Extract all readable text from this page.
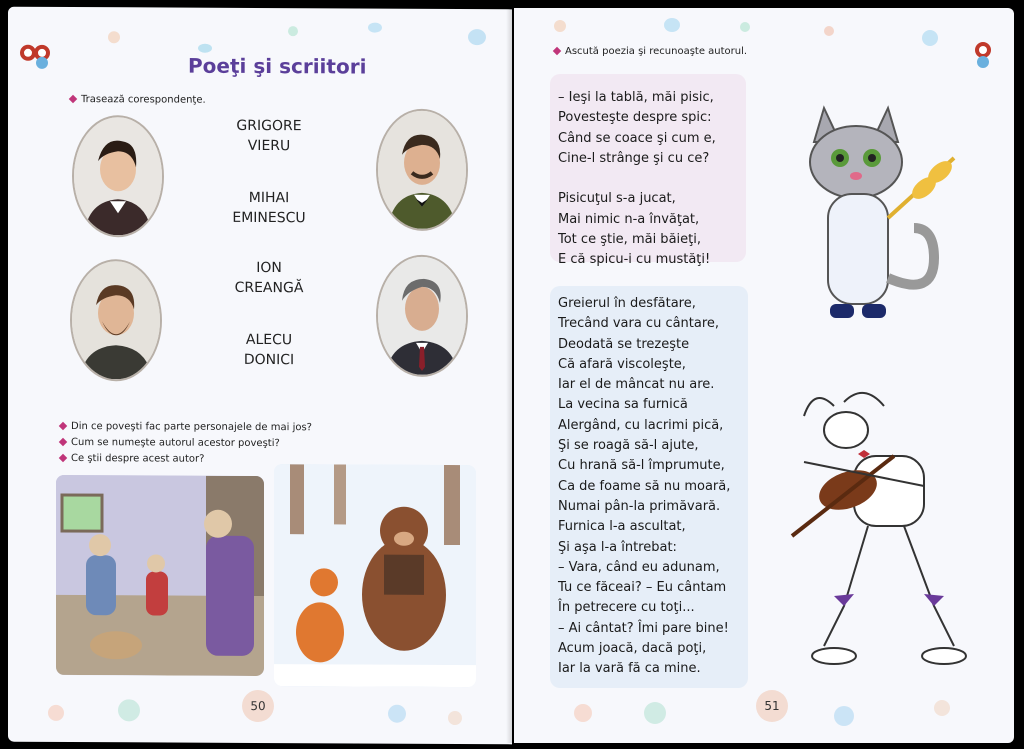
Poeţi şi scriitori
Trasează corespondenţe.
GRIGORE
VIERU
MIHAI
EMINESCU
ION
CREANGĂ
ALECU
DONICI
Din ce poveşti fac parte personajele de mai jos?
Cum se numeşte autorul acestor poveşti?
Ce ştii despre acest autor?
50
Ascută poezia şi recunoaşte autorul.
– Ieşi la tablă, măi pisic,
Povesteşte despre spic:
Când se coace şi cum e,
Cine-l strânge şi cu ce?

Pisicuţul s-a jucat,
Mai nimic n-a învăţat,
Tot ce ştie, măi băieţi,
E că spicu-i cu mustăţi!
Greierul în desfătare,
Trecând vara cu cântare,
Deodată se trezeşte
Că afară viscoleşte,
Iar el de mâncat nu are.
La vecina sa furnică
Alergând, cu lacrimi pică,
Şi se roagă să-l ajute,
Cu hrană să-l împrumute,
Ca de foame să nu moară,
Numai pân-la primăvară.
Furnica l-a ascultat,
Şi aşa l-a întrebat:
– Vara, când eu adunam,
Tu ce făceai? – Eu cântam
În petrecere cu toţi...
– Ai cântat? Îmi pare bine!
Acum joacă, dacă poţi,
Iar la vară fă ca mine.
51
